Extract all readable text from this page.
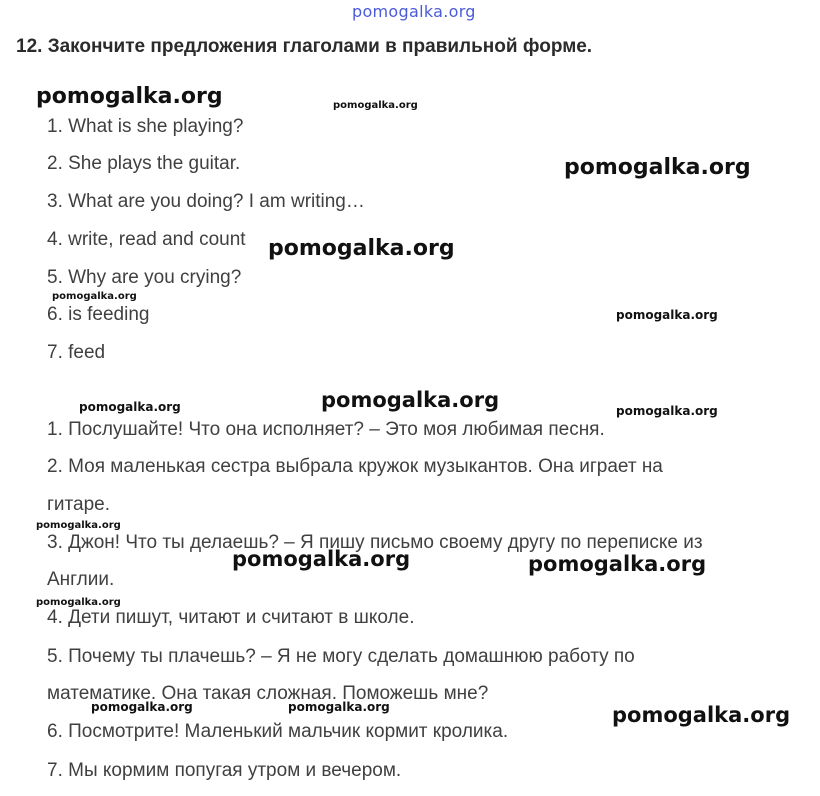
pomogalka.org
12. Закончите предложения глаголами в правильной форме.
1. What is she playing?
2. She plays the guitar.
3. What are you doing? I am writing…
4. write, read and count
5. Why are you crying?
6. is feeding
7. feed
1. Послушайте! Что она исполняет? – Это моя любимая песня.
2. Моя маленькая сестра выбрала кружок музыкантов. Она играет на
гитаре.
3. Джон! Что ты делаешь? – Я пишу письмо своему другу по переписке из
Англии.
4. Дети пишут, читают и считают в школе.
5. Почему ты плачешь? – Я не могу сделать домашнюю работу по
математике. Она такая сложная. Поможешь мне?
6. Посмотрите! Маленький мальчик кормит кролика.
7. Мы кормим попугая утром и вечером.
pomogalka.org	pomogalka.org
pomogalka.org
pomogalka.org
pomogalka.org
pomogalka.org
pomogalka.org	pomogalka.org	pomogalka.org
pomogalka.org
pomogalka.org	pomogalka.org
pomogalka.org
pomogalka.org	pomogalka.org	pomogalka.org
